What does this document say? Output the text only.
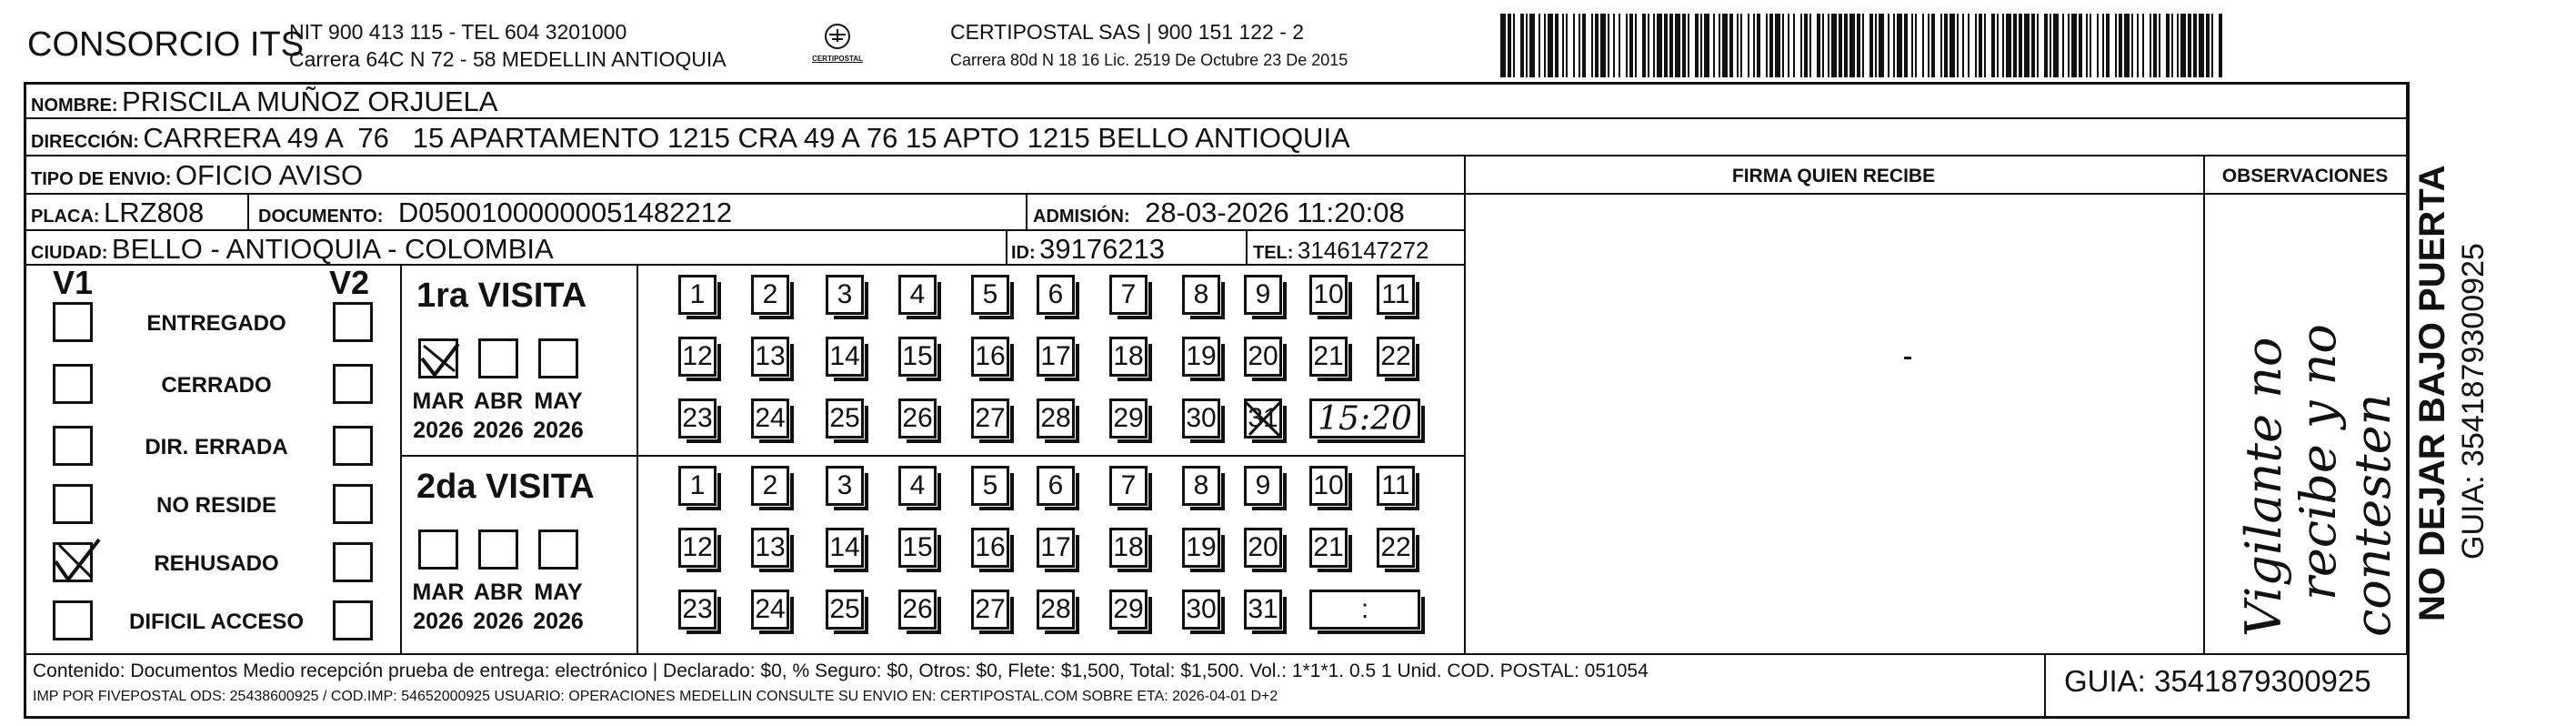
CONSORCIO ITS
NIT 900 413 115 - TEL 604 3201000
Carrera 64C N 72 - 58 MEDELLIN ANTIOQUIA	CERTIPOSTAL
CERTIPOSTAL SAS | 900 151 122 - 2
Carrera 80d N 18 16 Lic. 2519 De Octubre 23 De 2015
NOMBRE: PRISCILA MUÑOZ ORJUELA
DIRECCIÓN: CARRERA 49 A  76   15 APARTAMENTO 1215 CRA 49 A 76 15 APTO 1215 BELLO ANTIOQUIA
TIPO DE ENVIO: OFICIO AVISO
PLACA: LRZ808	DOCUMENTO: D05001000000051482212	ADMISIÓN: 28-03-2026 11:20:08
CIUDAD: BELLO - ANTIOQUIA - COLOMBIA	ID: 39176213	TEL: 3146147272
FIRMA QUIEN RECIBE	OBSERVACIONES
Vigilante no
recibe y no
contesten NO DEJAR BAJO PUERTA GUIA: 3541879300925
V1	V2
ENTREGADO
CERRADO
DIR. ERRADA
NO RESIDE
REHUSADO
DIFICIL ACCESO
1ra VISITA
MAR
2026
ABR
2026
MAY
2026
1 2 3 4 5 6 7 8 9 10 11
12 13 14 15 16 17 18 19 20 21 22
23 24 25 26 27 28 29 30 31 15:20
2da VISITA
MAR
2026
ABR
2026
MAY
2026
1 2 3 4 5 6 7 8 9 10 11
12 13 14 15 16 17 18 19 20 21 22
23 24 25 26 27 28 29 30 31	:
Contenido: Documentos Medio recepción prueba de entrega: electrónico | Declarado: $0, % Seguro: $0, Otros: $0, Flete: $1,500, Total: $1,500. Vol.: 1*1*1. 0.5 1 Unid. COD. POSTAL: 051054
IMP POR FIVEPOSTAL ODS: 25438600925 / COD.IMP: 54652000925 USUARIO: OPERACIONES MEDELLIN CONSULTE SU ENVIO EN: CERTIPOSTAL.COM SOBRE ETA: 2026-04-01 D+2	GUIA: 3541879300925
